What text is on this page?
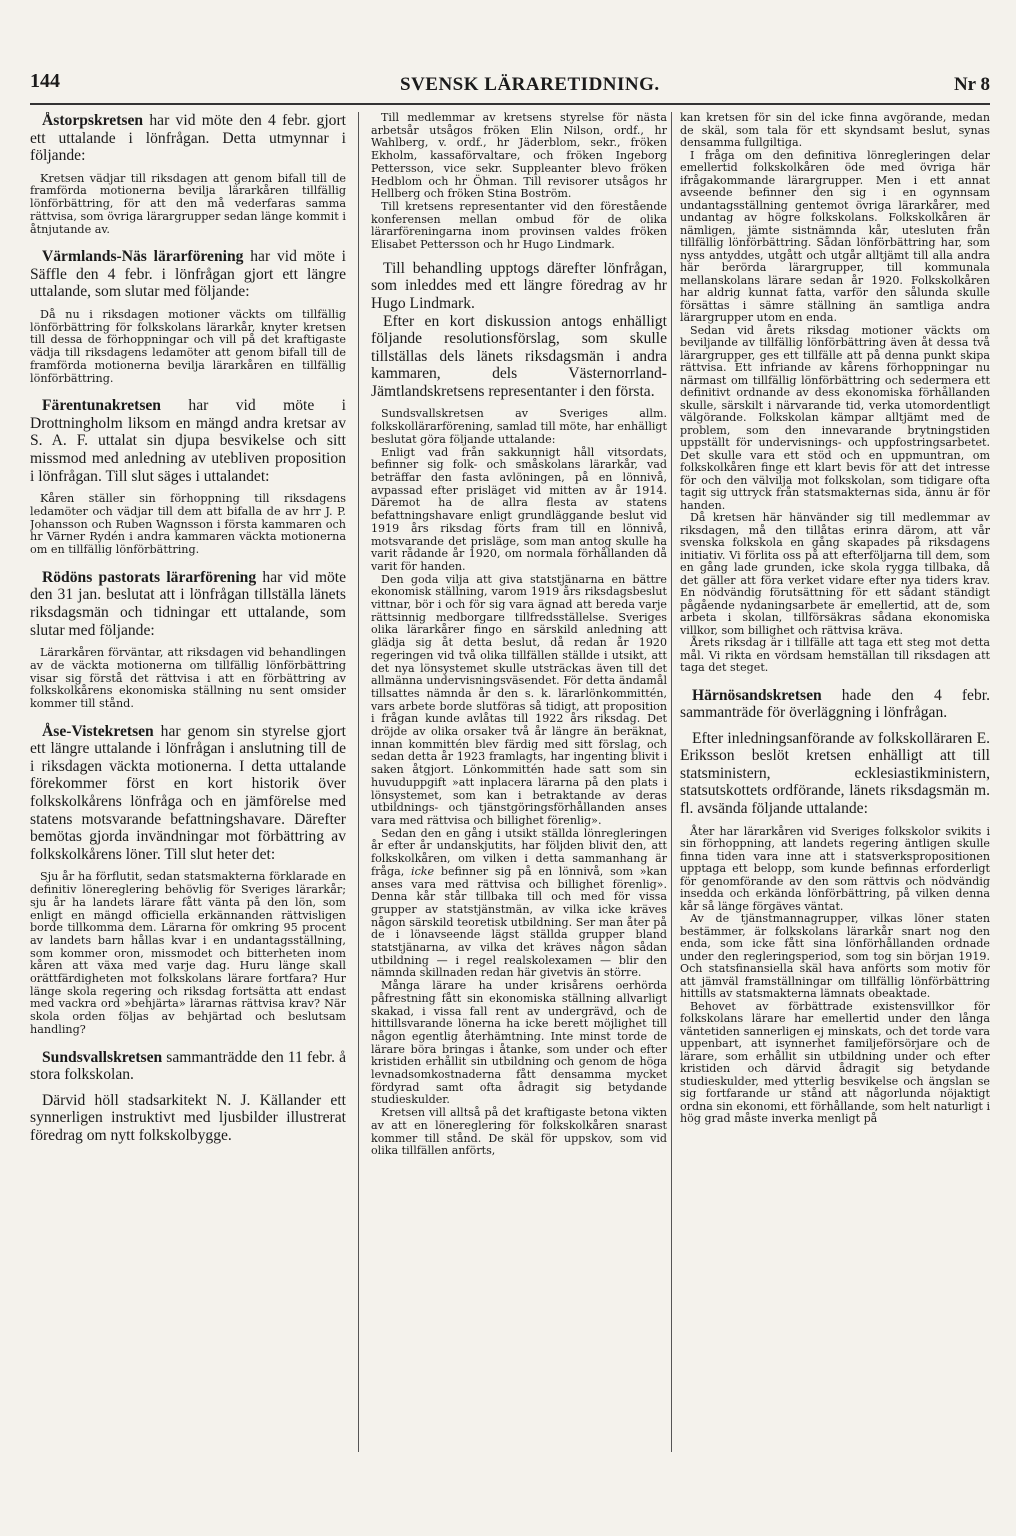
144	SVENSK LÄRARETIDNING.	Nr 8

Åstorpskretsen har vid möte den 4 febr. gjort ett uttalande i lönfrågan. Detta utmynnar i följande:

Kretsen vädjar till riksdagen att genom bifall till de framförda motionerna bevilja lärarkåren tillfällig lönförbättring, för att den må vederfaras samma rättvisa, som övriga lärargrupper sedan länge kommit i åtnjutande av.

Värmlands-Näs lärarförening har vid möte i Säffle den 4 febr. i lönfrågan gjort ett längre uttalande, som slutar med följande:

Då nu i riksdagen motioner väckts om tillfällig lönförbättring för folkskolans lärarkår, knyter kretsen till dessa de förhoppningar och vill på det kraftigaste vädja till riksdagens ledamöter att genom bifall till de framförda motionerna bevilja lärarkåren en tillfällig lönförbättring.

Färentunakretsen har vid möte i Drottningholm liksom en mängd andra kretsar av S. A. F. uttalat sin djupa besvikelse och sitt missmod med anledning av utebliven proposition i lönfrågan. Till slut säges i uttalandet:

Kåren ställer sin förhoppning till riksdagens ledamöter och vädjar till dem att bifalla de av hrr J. P. Johansson och Ruben Wagnsson i första kammaren och hr Värner Rydén i andra kammaren väckta motionerna om en tillfällig lönförbättring.

Rödöns pastorats lärarförening har vid möte den 31 jan. beslutat att i lönfrågan tillställa länets riksdagsmän och tidningar ett uttalande, som slutar med följande:

Lärarkåren förväntar, att riksdagen vid behandlingen av de väckta motionerna om tillfällig lönförbättring visar sig förstå det rättvisa i att en förbättring av folkskolkårens ekonomiska ställning nu sent omsider kommer till stånd.

Åse-Vistekretsen har genom sin styrelse gjort ett längre uttalande i lönfrågan i anslutning till de i riksdagen väckta motionerna. I detta uttalande förekommer först en kort historik över folkskolkårens lönfråga och en jämförelse med statens motsvarande befattningshavare. Därefter bemötas gjorda invändningar mot förbättring av folkskolkårens löner. Till slut heter det:

Sju år ha förflutit, sedan statsmakterna förklarade en definitiv lönereglering behövlig för Sveriges lärarkår; sju år ha landets lärare fått vänta på den lön, som enligt en mängd officiella erkännanden rättvisligen borde tillkomma dem. Lärarna för omkring 95 procent av landets barn hållas kvar i en undantagsställning, som kommer oron, missmodet och bitterheten inom kåren att växa med varje dag. Huru länge skall orättfärdigheten mot folkskolans lärare fortfara? Hur länge skola regering och riksdag fortsätta att endast med vackra ord »behjärta» lärarnas rättvisa krav? När skola orden följas av behjärtad och beslutsam handling?

Sundsvallskretsen sammanträdde den 11 febr. å stora folkskolan.

Därvid höll stadsarkitekt N. J. Källander ett synnerligen instruktivt med ljusbilder illustrerat föredrag om nytt folkskolbygge.

Till medlemmar av kretsens styrelse för nästa arbetsår utsågos fröken Elin Nilson, ordf., hr Wahlberg, v. ordf., hr Jäderblom, sekr., fröken Ekholm, kassaförvaltare, och fröken Ingeborg Pettersson, vice sekr. Suppleanter blevo fröken Hedblom och hr Öhman. Till revisorer utsågos hr Hellberg och fröken Stina Boström.

Till kretsens representanter vid den förestående konferensen mellan ombud för de olika lärarföreningarna inom provinsen valdes fröken Elisabet Pettersson och hr Hugo Lindmark.

Till behandling upptogs därefter lönfrågan, som inleddes med ett längre föredrag av hr Hugo Lindmark.

Efter en kort diskussion antogs enhälligt följande resolutionsförslag, som skulle tillställas dels länets riksdagsmän i andra kammaren, dels Västernorrland-Jämtlandskretsens representanter i den första.

Sundsvallskretsen av Sveriges allm. folkskollärarförening, samlad till möte, har enhälligt beslutat göra följande uttalande:

Enligt vad från sakkunnigt håll vitsordats, befinner sig folk- och småskolans lärarkår, vad beträffar den fasta avlöningen, på en lönnivå, avpassad efter prisläget vid mitten av år 1914. Däremot ha de allra flesta av statens befattningshavare enligt grundläggande beslut vid 1919 års riksdag förts fram till en lönnivå, motsvarande det prisläge, som man antog skulle ha varit rådande år 1920, om normala förhållanden då varit för handen.

Den goda vilja att giva statstjänarna en bättre ekonomisk ställning, varom 1919 års riksdagsbeslut vittnar, bör i och för sig vara ägnad att bereda varje rättsinnig medborgare tillfredsställelse. Sveriges olika lärarkårer fingo en särskild anledning att glädja sig åt detta beslut, då redan år 1920 regeringen vid två olika tillfällen ställde i utsikt, att det nya lönsystemet skulle utsträckas även till det allmänna undervisningsväsendet. För detta ändamål tillsattes nämnda år den s. k. lärarlönkommittén, vars arbete borde slutföras så tidigt, att proposition i frågan kunde avlåtas till 1922 års riksdag. Det dröjde av olika orsaker två år längre än beräknat, innan kommittén blev färdig med sitt förslag, och sedan detta år 1923 framlagts, har ingenting blivit i saken åtgjort. Lönkommittén hade satt som sin huvuduppgift »att inplacera lärarna på den plats i lönsystemet, som kan i betraktande av deras utbildnings- och tjänstgöringsförhållanden anses vara med rättvisa och billighet förenlig».

Sedan den en gång i utsikt ställda lönregleringen år efter år undanskjutits, har följden blivit den, att folkskolkåren, om vilken i detta sammanhang är fråga, icke befinner sig på en lönnivå, som »kan anses vara med rättvisa och billighet förenlig». Denna kår står tillbaka till och med för vissa grupper av statstjänstmän, av vilka icke kräves någon särskild teoretisk utbildning. Ser man åter på de i lönavseende lägst ställda grupper bland statstjänarna, av vilka det kräves någon sådan utbildning — i regel realskolexamen — blir den nämnda skillnaden redan här givetvis än större.

Många lärare ha under krisårens oerhörda påfrestning fått sin ekonomiska ställning allvarligt skakad, i vissa fall rent av undergrävd, och de hittillsvarande lönerna ha icke berett möjlighet till någon egentlig återhämtning. Inte minst torde de lärare böra bringas i åtanke, som under och efter kristiden erhållit sin utbildning och genom de höga levnadsomkostnaderna fått densamma mycket fördyrad samt ofta ådragit sig betydande studieskulder.

Kretsen vill alltså på det kraftigaste betona vikten av att en lönereglering för folkskolkåren snarast kommer till stånd. De skäl för uppskov, som vid olika tillfällen anförts,

kan kretsen för sin del icke finna avgörande, medan de skäl, som tala för ett skyndsamt beslut, synas densamma fullgiltiga.

I fråga om den definitiva lönregleringen delar emellertid folkskolkåren öde med övriga här ifrågakommande lärargrupper. Men i ett annat avseende befinner den sig i en ogynnsam undantagsställning gentemot övriga lärarkårer, med undantag av högre folkskolans. Folkskolkåren är nämligen, jämte sistnämnda kår, utesluten från tillfällig lönförbättring. Sådan lönförbättring har, som nyss antyddes, utgått och utgår alltjämt till alla andra här berörda lärargrupper, till kommunala mellanskolans lärare sedan år 1920. Folkskolkåren har aldrig kunnat fatta, varför den sålunda skulle försättas i sämre ställning än samtliga andra lärargrupper utom en enda.

Sedan vid årets riksdag motioner väckts om beviljande av tillfällig lönförbättring även åt dessa två lärargrupper, ges ett tillfälle att på denna punkt skipa rättvisa. Ett infriande av kårens förhoppningar nu närmast om tillfällig lönförbättring och sedermera ett definitivt ordnande av dess ekonomiska förhållanden skulle, särskilt i närvarande tid, verka utomordentligt välgörande. Folkskolan kämpar alltjämt med de problem, som den innevarande brytningstiden uppställt för undervisnings- och uppfostringsarbetet. Det skulle vara ett stöd och en uppmuntran, om folkskolkåren finge ett klart bevis för att det intresse för och den välvilja mot folkskolan, som tidigare ofta tagit sig uttryck från statsmakternas sida, ännu är för handen.

Då kretsen här hänvänder sig till medlemmar av riksdagen, må den tillåtas erinra därom, att vår svenska folkskola en gång skapades på riksdagens initiativ. Vi förlita oss på att efterföljarna till dem, som en gång lade grunden, icke skola rygga tillbaka, då det gäller att föra verket vidare efter nya tiders krav. En nödvändig förutsättning för ett sådant ständigt pågående nydaningsarbete är emellertid, att de, som arbeta i skolan, tillförsäkras sådana ekonomiska villkor, som billighet och rättvisa kräva.

Årets riksdag är i tillfälle att taga ett steg mot detta mål. Vi rikta en vördsam hemställan till riksdagen att taga det steget.

Härnösandskretsen hade den 4 febr. sammanträde för överläggning i lönfrågan.

Efter inledningsanförande av folkskolläraren E. Eriksson beslöt kretsen enhälligt att till statsministern, ecklesiastikministern, statsutskottets ordförande, länets riksdagsmän m. fl. avsända följande uttalande:

Åter har lärarkåren vid Sveriges folkskolor svikits i sin förhoppning, att landets regering äntligen skulle finna tiden vara inne att i statsverkspropositionen upptaga ett belopp, som kunde befinnas erforderligt för genomförande av den som rättvis och nödvändig insedda och erkända lönförbättring, på vilken denna kår så länge förgäves väntat.

Av de tjänstmannagrupper, vilkas löner staten bestämmer, är folkskolans lärarkår snart nog den enda, som icke fått sina lönförhållanden ordnade under den regleringsperiod, som tog sin början 1919. Och statsfinansiella skäl hava anförts som motiv för att jämväl framställningar om tillfällig lönförbättring hittills av statsmakterna lämnats obeaktade.

Behovet av förbättrade existensvillkor för folkskolans lärare har emellertid under den långa väntetiden sannerligen ej minskats, och det torde vara uppenbart, att isynnerhet familjeförsörjare och de lärare, som erhållit sin utbildning under och efter kristiden och därvid ådragit sig betydande studieskulder, med ytterlig besvikelse och ängslan se sig fortfarande ur stånd att någorlunda nöjaktigt ordna sin ekonomi, ett förhållande, som helt naturligt i hög grad måste inverka menligt på
